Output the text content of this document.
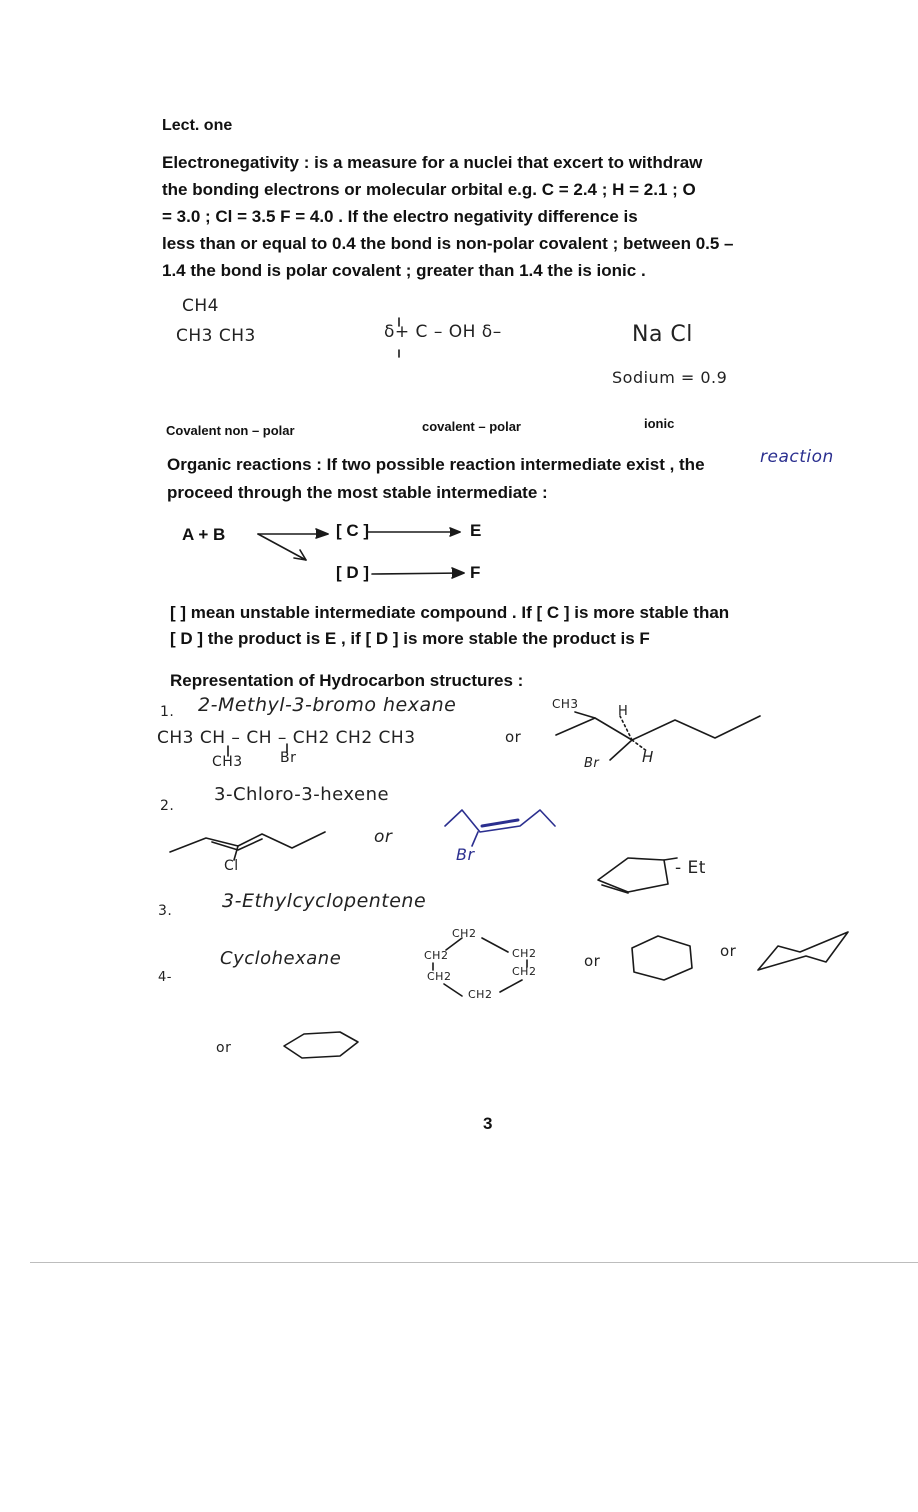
Lect. one
Electronegativity : is a measure for a nuclei that excert to withdraw
the bonding electrons or molecular orbital e.g. C = 2.4 ; H = 2.1 ; O
= 3.0 ; Cl = 3.5 F = 4.0 . If the electro negativity difference is
less than or equal to 0.4 the bond is non-polar covalent ; between 0.5 –
1.4 the bond is polar covalent ; greater than 1.4 the is ionic .
CH4
CH3 CH3	δ+ C – OH δ–	Na Cl
Sodium = 0.9
Covalent non – polar	covalent – polar	ionic
Organic reactions : If two possible reaction intermediate exist , the	reaction
proceed through the most stable intermediate :
A + B	[ C ]	E
[ D ]	F
[ ] mean unstable intermediate compound . If [ C ] is more stable than
[ D ] the product is E , if [ D ] is more stable the product is F
Representation of Hydrocarbon structures :
1. 2-Methyl-3-bromo hexane
CH3 CH – CH – CH2 CH2 CH3
CH3	Br
or
CH3	H
Br	H
2.
3-Chloro-3-hexene
Cl
or
Br
3.	3-Ethylcyclopentene
- Et
4-
Cyclohexane
CH2
CH2	CH2
CH2	CH2
CH2
or
or
or
3
